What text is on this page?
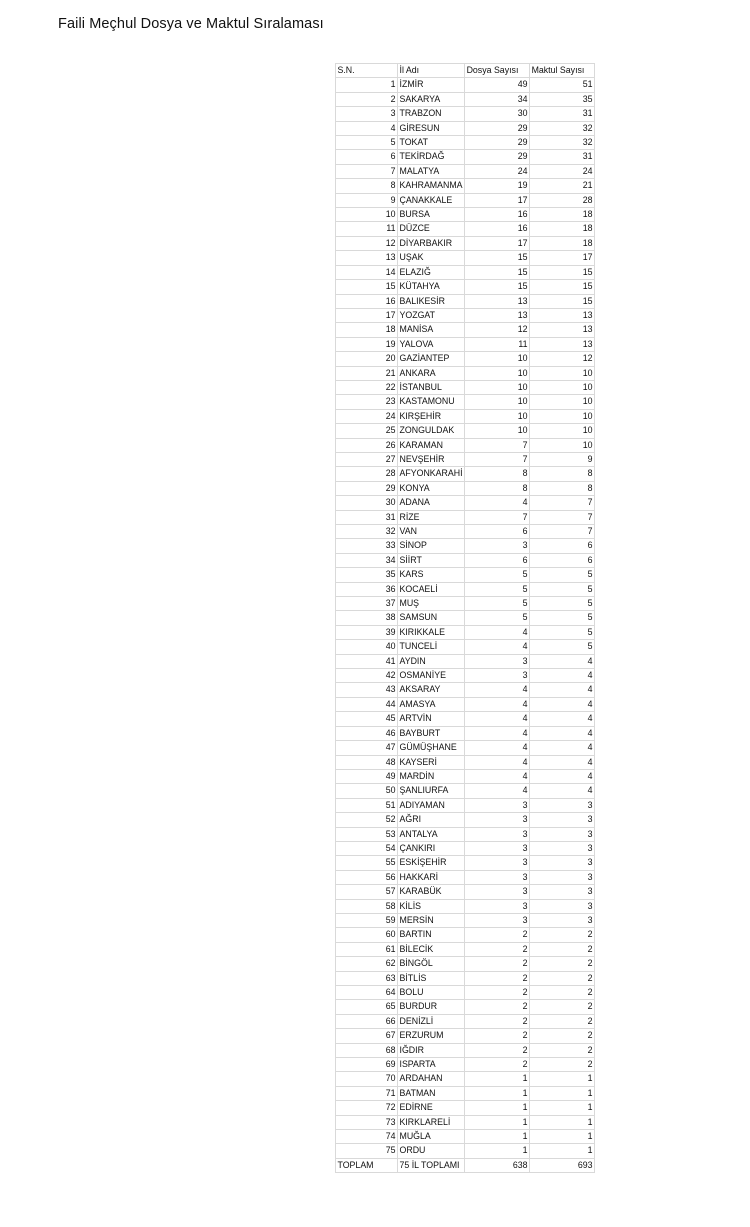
Faili Meçhul Dosya ve Maktul Sıralaması
S.N.	İl Adı	Dosya Sayısı	Maktul Sayısı
1	İZMİR	49	51
2	SAKARYA	34	35
3	TRABZON	30	31
4	GİRESUN	29	32
5	TOKAT	29	32
6	TEKİRDAĞ	29	31
7	MALATYA	24	24
8	KAHRAMANMA	19	21
9	ÇANAKKALE	17	28
10	BURSA	16	18
11	DÜZCE	16	18
12	DİYARBAKIR	17	18
13	UŞAK	15	17
14	ELAZIĞ	15	15
15	KÜTAHYA	15	15
16	BALIKESİR	13	15
17	YOZGAT	13	13
18	MANİSA	12	13
19	YALOVA	11	13
20	GAZİANTEP	10	12
21	ANKARA	10	10
22	İSTANBUL	10	10
23	KASTAMONU	10	10
24	KIRŞEHİR	10	10
25	ZONGULDAK	10	10
26	KARAMAN	7	10
27	NEVŞEHİR	7	9
28	AFYONKARAHİ	8	8
29	KONYA	8	8
30	ADANA	4	7
31	RİZE	7	7
32	VAN	6	7
33	SİNOP	3	6
34	SİİRT	6	6
35	KARS	5	5
36	KOCAELİ	5	5
37	MUŞ	5	5
38	SAMSUN	5	5
39	KIRIKKALE	4	5
40	TUNCELİ	4	5
41	AYDIN	3	4
42	OSMANİYE	3	4
43	AKSARAY	4	4
44	AMASYA	4	4
45	ARTVİN	4	4
46	BAYBURT	4	4
47	GÜMÜŞHANE	4	4
48	KAYSERİ	4	4
49	MARDİN	4	4
50	ŞANLIURFA	4	4
51	ADIYAMAN	3	3
52	AĞRI	3	3
53	ANTALYA	3	3
54	ÇANKIRI	3	3
55	ESKİŞEHİR	3	3
56	HAKKARİ	3	3
57	KARABÜK	3	3
58	KİLİS	3	3
59	MERSİN	3	3
60	BARTIN	2	2
61	BİLECİK	2	2
62	BİNGÖL	2	2
63	BİTLİS	2	2
64	BOLU	2	2
65	BURDUR	2	2
66	DENİZLİ	2	2
67	ERZURUM	2	2
68	IĞDIR	2	2
69	ISPARTA	2	2
70	ARDAHAN	1	1
71	BATMAN	1	1
72	EDİRNE	1	1
73	KIRKLARELİ	1	1
74	MUĞLA	1	1
75	ORDU	1	1
TOPLAM	75 İL TOPLAMI	638	693
